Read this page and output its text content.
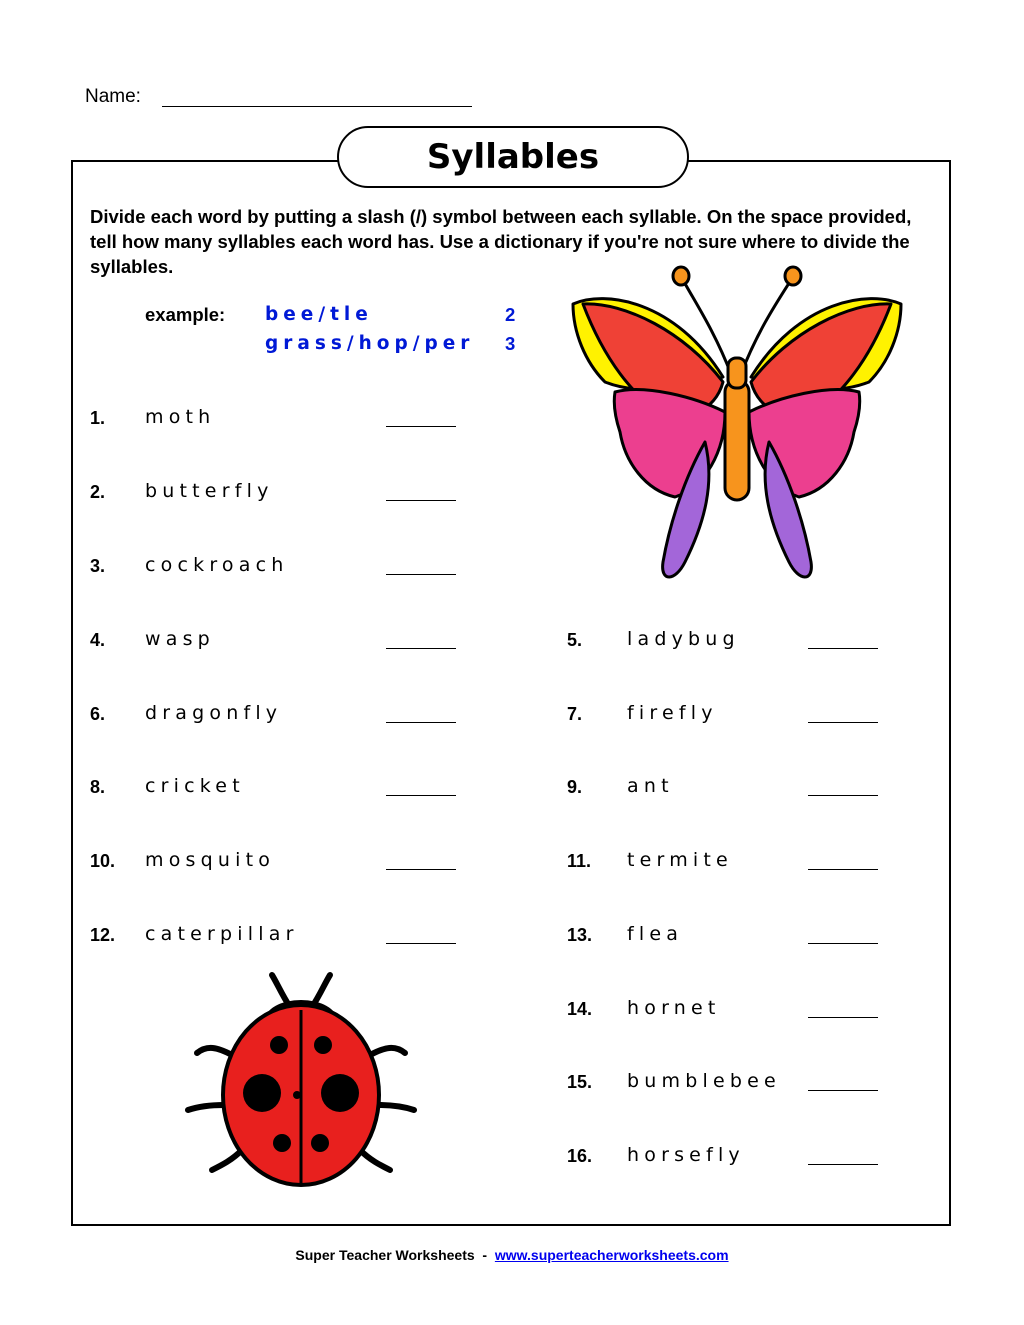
Name:
Syllables
Divide each word by putting a slash (/) symbol between each syllable. On the space provided, tell how many syllables each word has. Use a dictionary if you're not sure where to divide the syllables.
example: bee/tle	2
grass/hop/per 3
1. moth
2. butterfly
3. cockroach
4. wasp
6. dragonfly
8. cricket
10. mosquito
12. caterpillar
5. ladybug
7. firefly
9. ant
11. termite
13. flea
14. hornet
15. bumblebee
16. horsefly
Super Teacher Worksheets - www.superteacherworksheets.com
